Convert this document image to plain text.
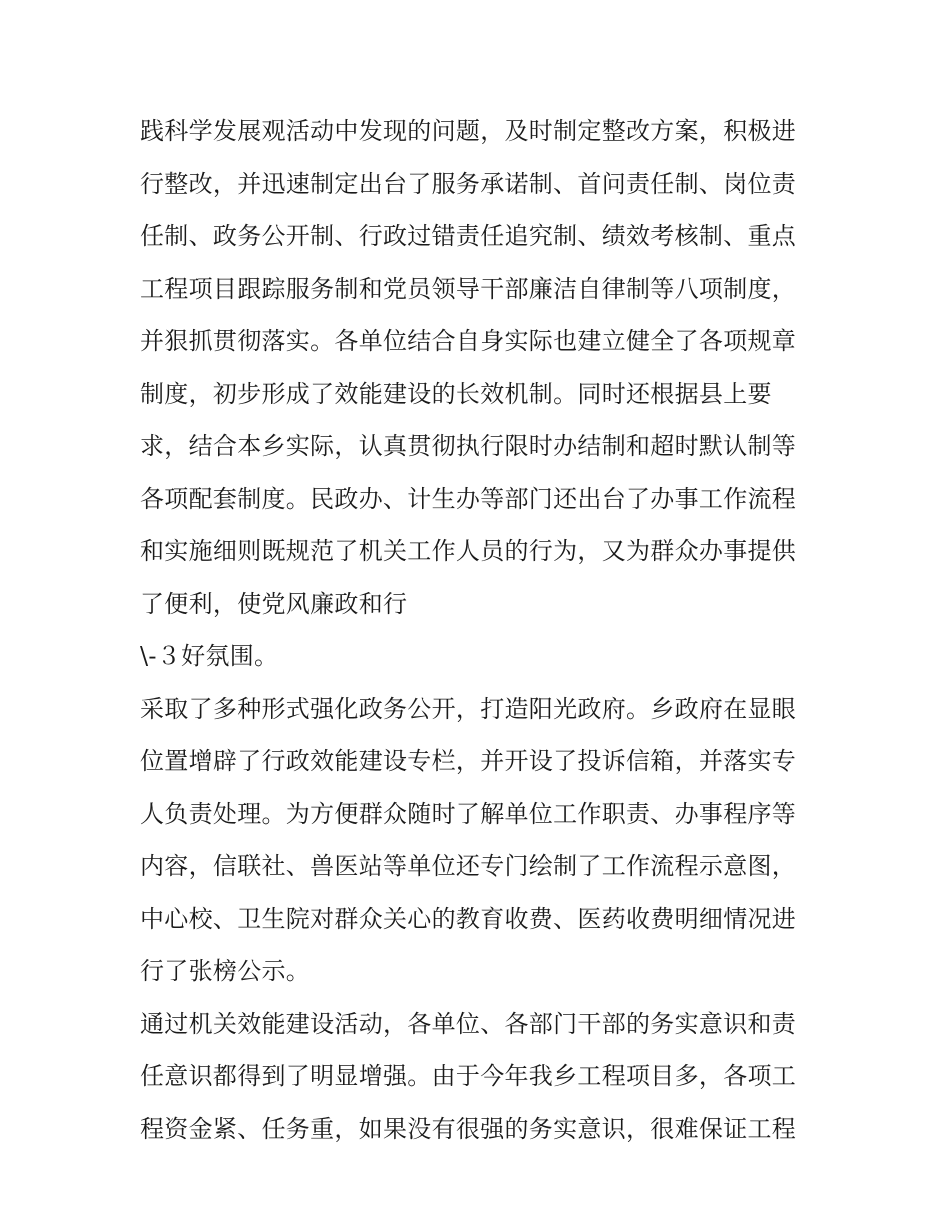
践科学发展观活动中发现的问题，及时制定整改方案，积极进
行整改，并迅速制定出台了服务承诺制、首问责任制、岗位责
任制、政务公开制、行政过错责任追究制、绩效考核制、重点
工程项目跟踪服务制和党员领导干部廉洁自律制等八项制度，
并狠抓贯彻落实。各单位结合自身实际也建立健全了各项规章
制度，初步形成了效能建设的长效机制。同时还根据县上要
求，结合本乡实际，认真贯彻执行限时办结制和超时默认制等
各项配套制度。民政办、计生办等部门还出台了办事工作流程
和实施细则既规范了机关工作人员的行为，又为群众办事提供
了便利，使党风廉政和行
\-３好氛围。
采取了多种形式强化政务公开，打造阳光政府。乡政府在显眼
位置增辟了行政效能建设专栏，并开设了投诉信箱，并落实专
人负责处理。为方便群众随时了解单位工作职责、办事程序等
内容，信联社、兽医站等单位还专门绘制了工作流程示意图，
中心校、卫生院对群众关心的教育收费、医药收费明细情况进
行了张榜公示。
通过机关效能建设活动，各单位、各部门干部的务实意识和责
任意识都得到了明显增强。由于今年我乡工程项目多，各项工
程资金紧、任务重，如果没有很强的务实意识，很难保证工程
